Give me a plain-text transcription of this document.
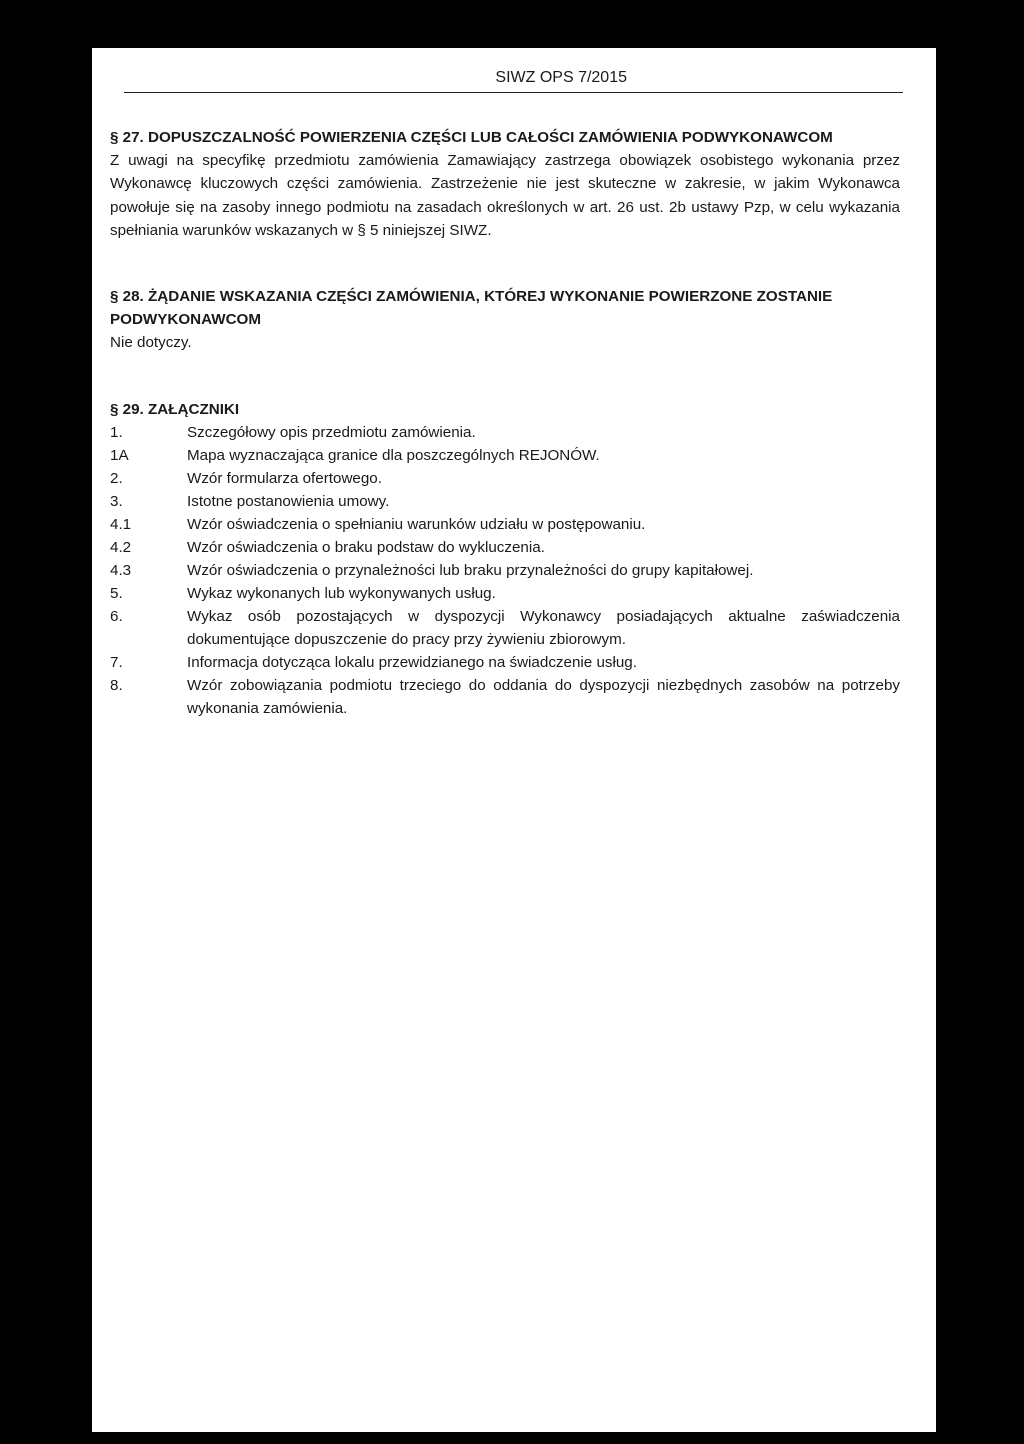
SIWZ OPS 7/2015
§ 27. DOPUSZCZALNOŚĆ POWIERZENIA CZĘŚCI LUB CAŁOŚCI ZAMÓWIENIA PODWYKONAWCOM
Z uwagi na specyfikę przedmiotu zamówienia Zamawiający zastrzega obowiązek osobistego wykonania przez Wykonawcę kluczowych części zamówienia. Zastrzeżenie nie jest skuteczne w zakresie, w jakim Wykonawca powołuje się na zasoby innego podmiotu na zasadach określonych w art. 26 ust. 2b ustawy Pzp, w celu wykazania spełniania warunków wskazanych w § 5 niniejszej SIWZ.
§ 28. ŻĄDANIE WSKAZANIA CZĘŚCI ZAMÓWIENIA, KTÓREJ WYKONANIE POWIERZONE ZOSTANIE PODWYKONAWCOM
Nie dotyczy.
§ 29. ZAŁĄCZNIKI
1.	Szczegółowy opis przedmiotu zamówienia.
1A	Mapa wyznaczająca granice dla poszczególnych REJONÓW.
2.	Wzór formularza ofertowego.
3.	Istotne postanowienia umowy.
4.1	Wzór oświadczenia o spełnianiu warunków udziału w postępowaniu.
4.2	Wzór oświadczenia o braku podstaw do wykluczenia.
4.3	Wzór oświadczenia o przynależności lub braku przynależności do grupy kapitałowej.
5.	Wykaz wykonanych lub wykonywanych usług.
6.	Wykaz osób pozostających w dyspozycji Wykonawcy posiadających aktualne zaświadczenia dokumentujące dopuszczenie do pracy przy żywieniu zbiorowym.
7.	Informacja dotycząca lokalu przewidzianego na świadczenie usług.
8.	Wzór zobowiązania podmiotu trzeciego do oddania do dyspozycji niezbędnych zasobów na potrzeby wykonania zamówienia.
